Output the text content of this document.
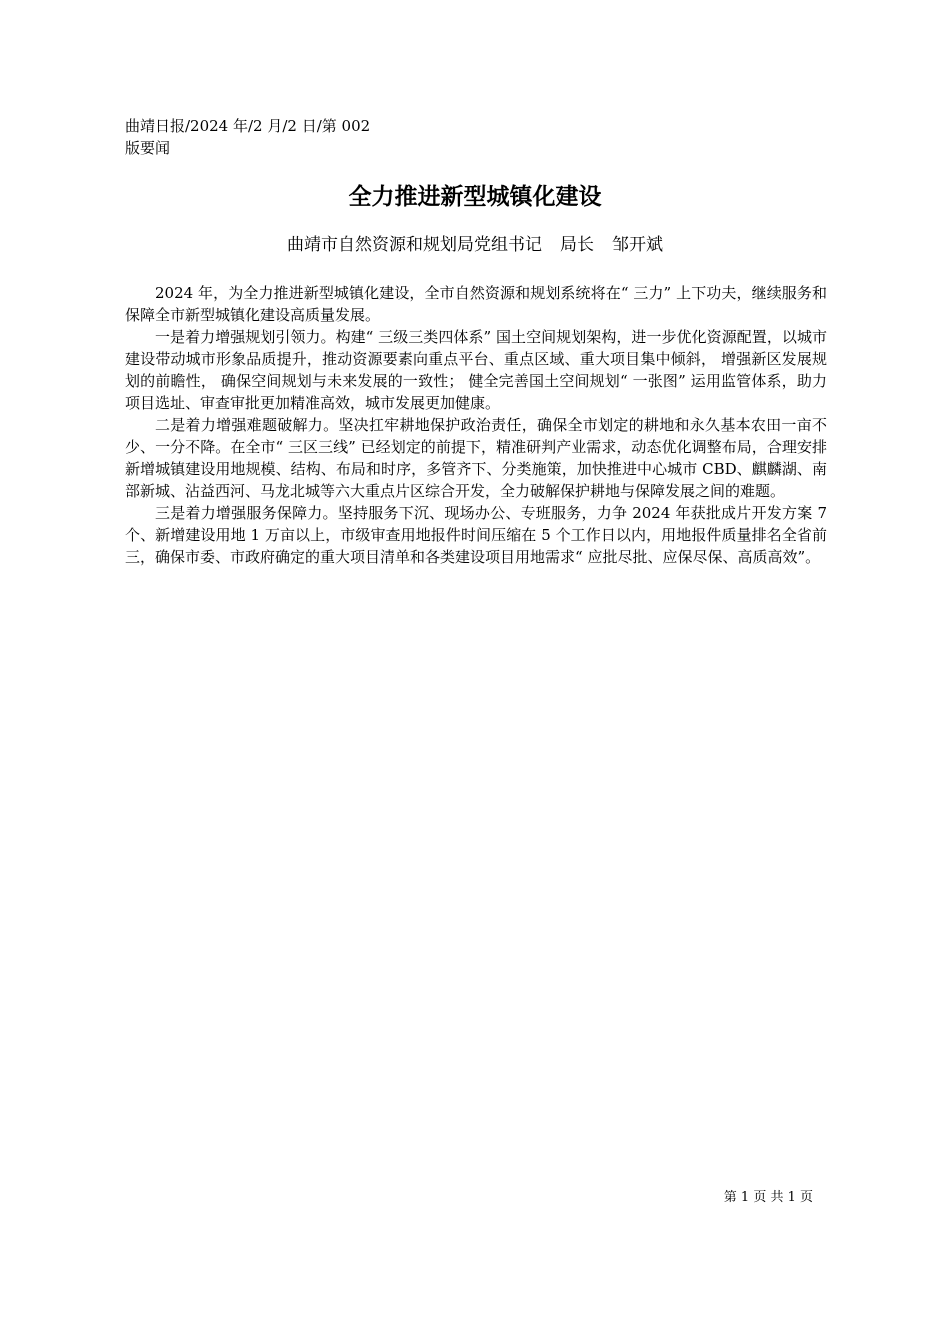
曲靖日报/2024 年/2 月/2 日/第 002 版要闻
全力推进新型城镇化建设
曲靖市自然资源和规划局党组书记 局长 邹开斌

2024 年，为全力推进新型城镇化建设，全市自然资源和规划系统将在“ 三力” 上下功夫，继续服务和保障全市新型城镇化建设高质量发展。

一是着力增强规划引领力。构建“ 三级三类四体系” 国土空间规划架构，进一步优化资源配置，以城市建设带动城市形象品质提升，推动资源要素向重点平台、重点区域、重大项目集中倾斜， 增强新区发展规划的前瞻性， 确保空间规划与未来发展的一致性； 健全完善国土空间规划“ 一张图” 运用监管体系，助力项目选址、审查审批更加精准高效，城市发展更加健康。

二是着力增强难题破解力。坚决扛牢耕地保护政治责任，确保全市划定的耕地和永久基本农田一亩不少、一分不降。在全市“ 三区三线” 已经划定的前提下，精准研判产业需求，动态优化调整布局，合理安排新增城镇建设用地规模、结构、布局和时序，多管齐下、分类施策，加快推进中心城市 CBD、麒麟湖、南部新城、沾益西河、马龙北城等六大重点片区综合开发，全力破解保护耕地与保障发展之间的难题。

三是着力增强服务保障力。坚持服务下沉、现场办公、专班服务，力争 2024 年获批成片开发方案 7 个、新增建设用地 1 万亩以上，市级审查用地报件时间压缩在 5 个工作日以内，用地报件质量排名全省前三，确保市委、市政府确定的重大项目清单和各类建设项目用地需求“ 应批尽批、应保尽保、高质高效”。

第 1 页 共 1 页
